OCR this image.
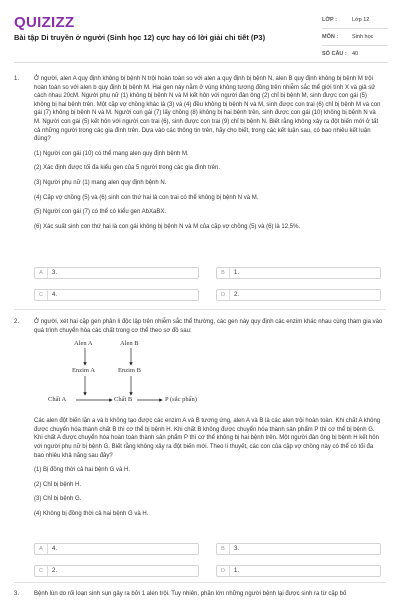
QUIZIZZ
Bài tập Di truyền ở người (Sinh học 12) cực hay có lời giải chi tiết (P3)
LỚP :	Lớp 12
MÔN :	Sinh học
SỐ CÂU : 40
1.	Ở người, alen A quy định không bị bệnh N trội hoàn toàn so với alen a quy định bị bệnh N, alen B quy định không bị bệnh M trội hoàn toàn so với alen b quy định bị bệnh M. Hai gen này nằm ở vùng không tương đồng trên nhiễm sắc thể giới tính X và giả sử cách nhau 20cM. Người phụ nữ (1) không bị bệnh N và M kết hôn với người đàn ông (2) chỉ bị bệnh M, sinh được con gái (5) không bị hai bệnh trên. Một cặp vợ chồng khác là (3) và (4) đều không bị bệnh N và M, sinh được con trai (6) chỉ bị bệnh M và con gái (7) không bị bệnh N và M. Người con gái (7) lấy chồng (8) không bị hai bệnh trên, sinh được con gái (10) không bị bệnh N và M. Người con gái (5) kết hôn với người con trai (6), sinh được con trai (9) chỉ bị bệnh N. Biết rằng không xảy ra đột biến mới ở tất cả những người trong các gia đình trên. Dựa vào các thông tin trên, hãy cho biết, trong các kết luận sau, có bao nhiêu kết luận đúng?
(1) Người con gái (10) có thể mang alen quy định bệnh M.
(2) Xác định được tối đa kiểu gen của 5 người trong các gia đình trên.
(3) Người phụ nữ (1) mang alen quy định bệnh N.
(4) Cặp vợ chồng (5) và (6) sinh con thứ hai là con trai có thể không bị bệnh N và M.
(5) Người con gái (7) có thể có kiểu gen AbXaBX.
(6) Xác suất sinh con thứ hai là con gái không bị bệnh N và M của cặp vợ chồng (5) và (6) là 12,5%.
A	3.	B	1.
C	4.	D	2.
2.	Ở người, xét hai cặp gen phân li độc lập trên nhiễm sắc thể thường, các gen này quy định các enzim khác nhau cùng tham gia vào quá trình chuyển hóa các chất trong cơ thể theo sơ đồ sau:
Alen A	Alen B
Enzim A	Enzim B
Chất A	Chất B	P (sắc phấn)
Các alen đột biến lặn a và b không tạo được các enzim A và B tương ứng, alen A và B là các alen trội hoàn toàn. Khi chất A không được chuyển hóa thành chất B thì cơ thể bị bệnh H. Khi chất B không được chuyển hóa thành sản phẩm P thì cơ thể bị bệnh G. Khi chất A được chuyển hóa hoàn toàn thành sản phẩm P thì cơ thể không bị hai bệnh trên. Một người đàn ông bị bệnh H kết hôn với người phụ nữ bị bệnh G. Biết rằng không xảy ra đột biến mới. Theo lí thuyết, các con của cặp vợ chồng này có thể có tối đa bao nhiêu khả năng sau đây?
(1) Bị đồng thời cả hai bệnh G và H.
(2) Chỉ bị bệnh H.
(3) Chỉ bị bệnh G.
(4) Không bị đồng thời cả hai bệnh G và H.
A	4.	B	3.
C	2.	D	1.
3.	Bệnh lùn do rối loạn sinh sụn gây ra bởi 1 alen trội. Tuy nhiên, phần lớn những người bệnh lại được sinh ra từ cặp bố
